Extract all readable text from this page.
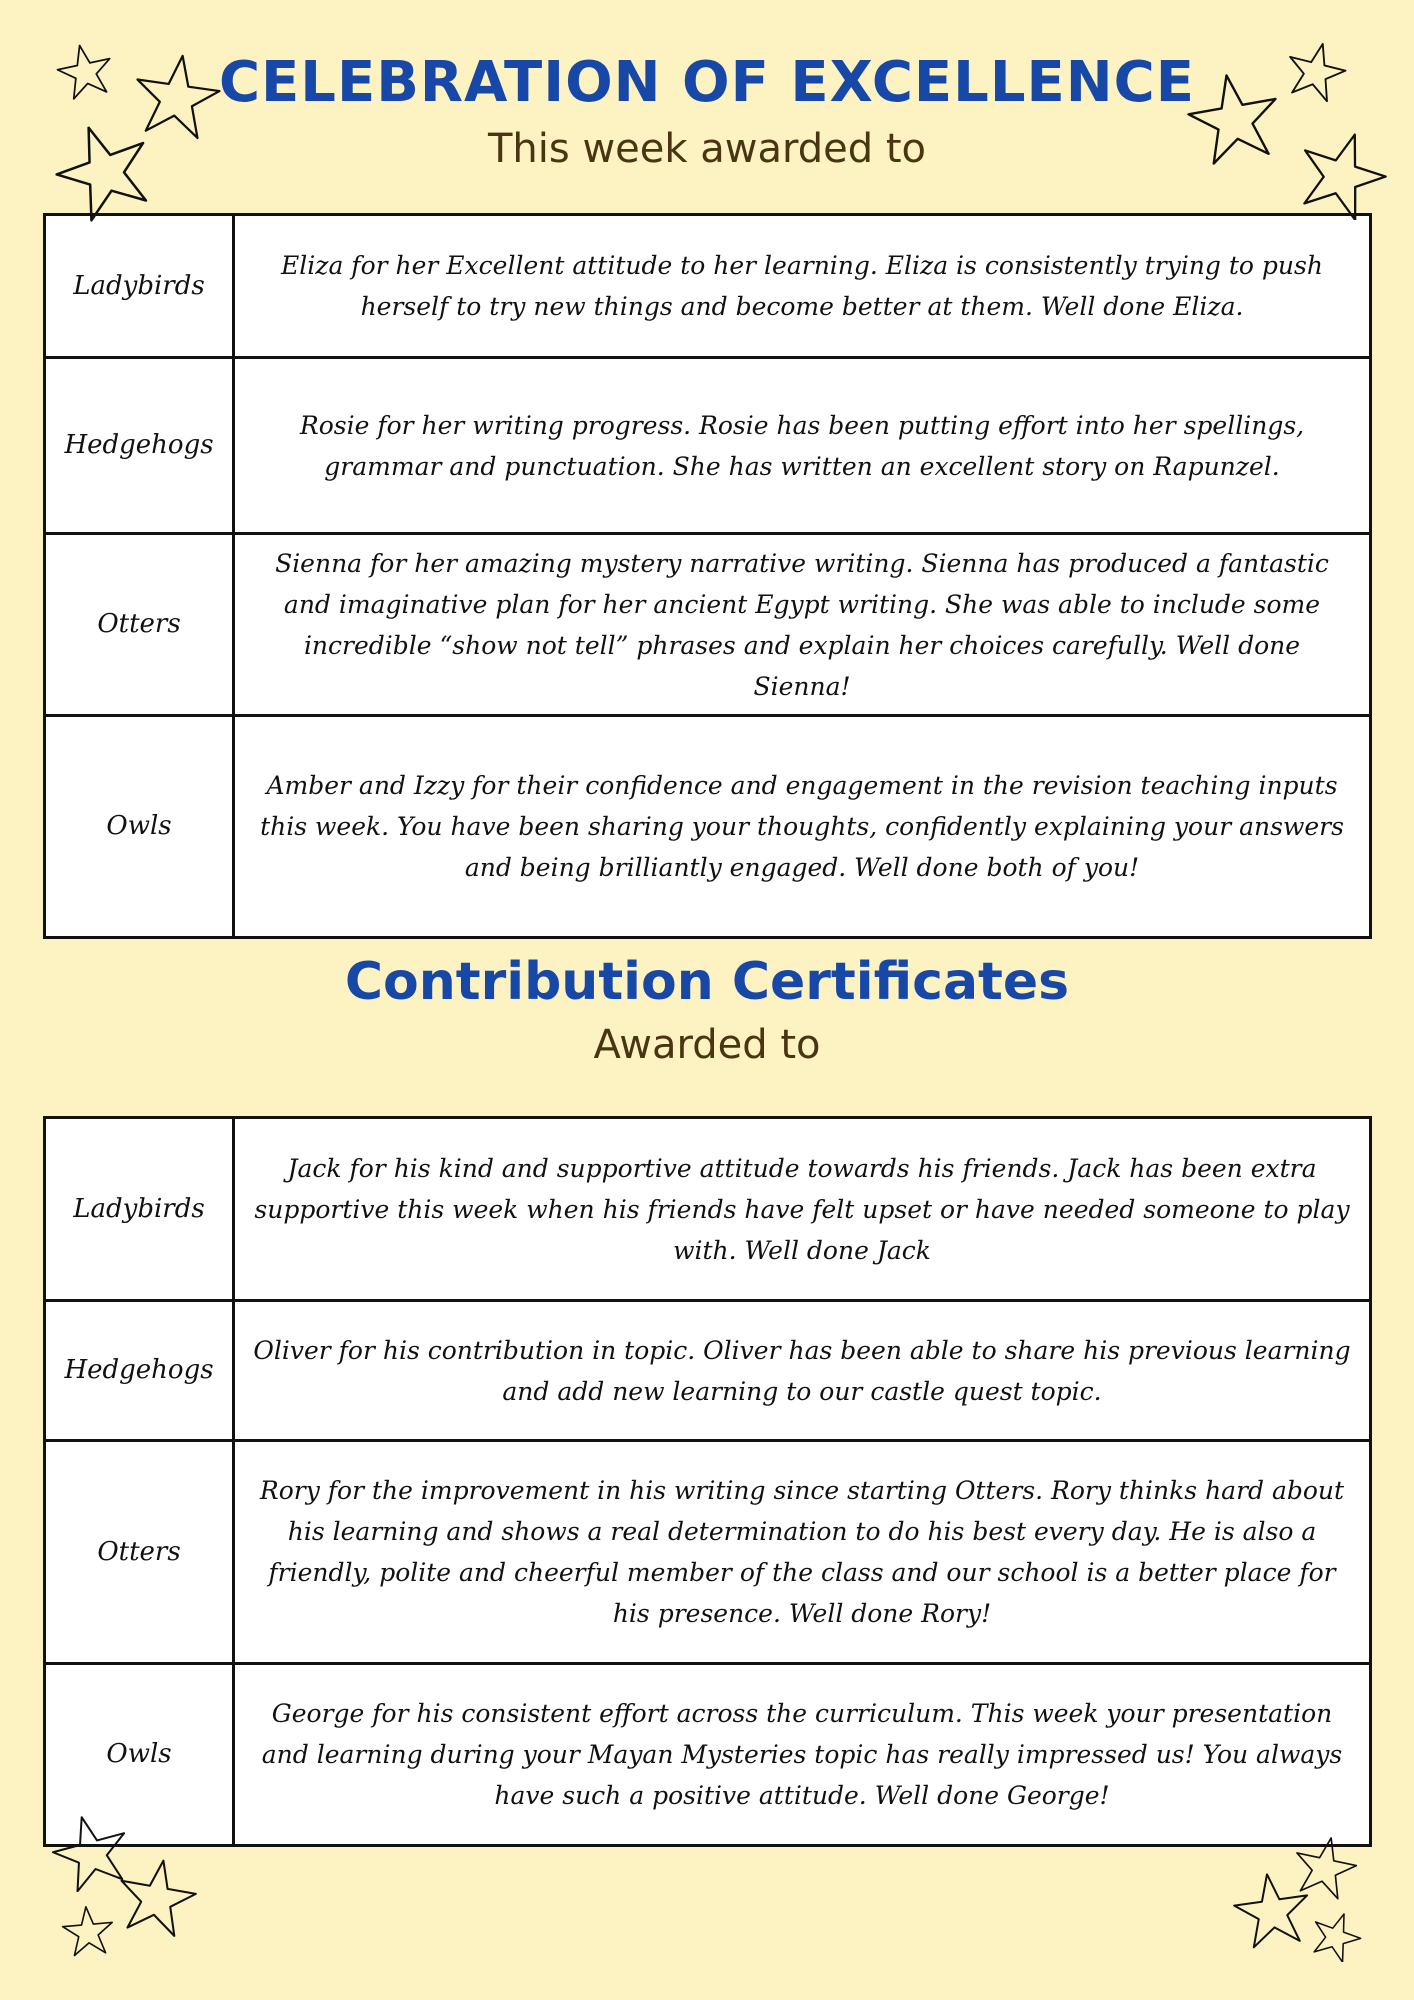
CELEBRATION OF EXCELLENCE
This week awarded to
Ladybirds	Eliza for her Excellent attitude to her learning. Eliza is consistently trying to push herself to try new things and become better at them. Well done Eliza.
Hedgehogs	Rosie for her writing progress. Rosie has been putting effort into her spellings, grammar and punctuation. She has written an excellent story on Rapunzel.
Otters	Sienna for her amazing mystery narrative writing. Sienna has produced a fantastic and imaginative plan for her ancient Egypt writing. She was able to include some incredible “show not tell” phrases and explain her choices carefully. Well done Sienna!
Owls	Amber and Izzy for their confidence and engagement in the revision teaching inputs this week. You have been sharing your thoughts, confidently explaining your answers and being brilliantly engaged. Well done both of you!
Contribution Certificates
Awarded to
Ladybirds	Jack for his kind and supportive attitude towards his friends. Jack has been extra supportive this week when his friends have felt upset or have needed someone to play with. Well done Jack
Hedgehogs	Oliver for his contribution in topic. Oliver has been able to share his previous learning and add new learning to our castle quest topic.
Otters	Rory for the improvement in his writing since starting Otters. Rory thinks hard about his learning and shows a real determination to do his best every day. He is also a friendly, polite and cheerful member of the class and our school is a better place for his presence. Well done Rory!
Owls	George for his consistent effort across the curriculum. This week your presentation and learning during your Mayan Mysteries topic has really impressed us! You always have such a positive attitude. Well done George!
